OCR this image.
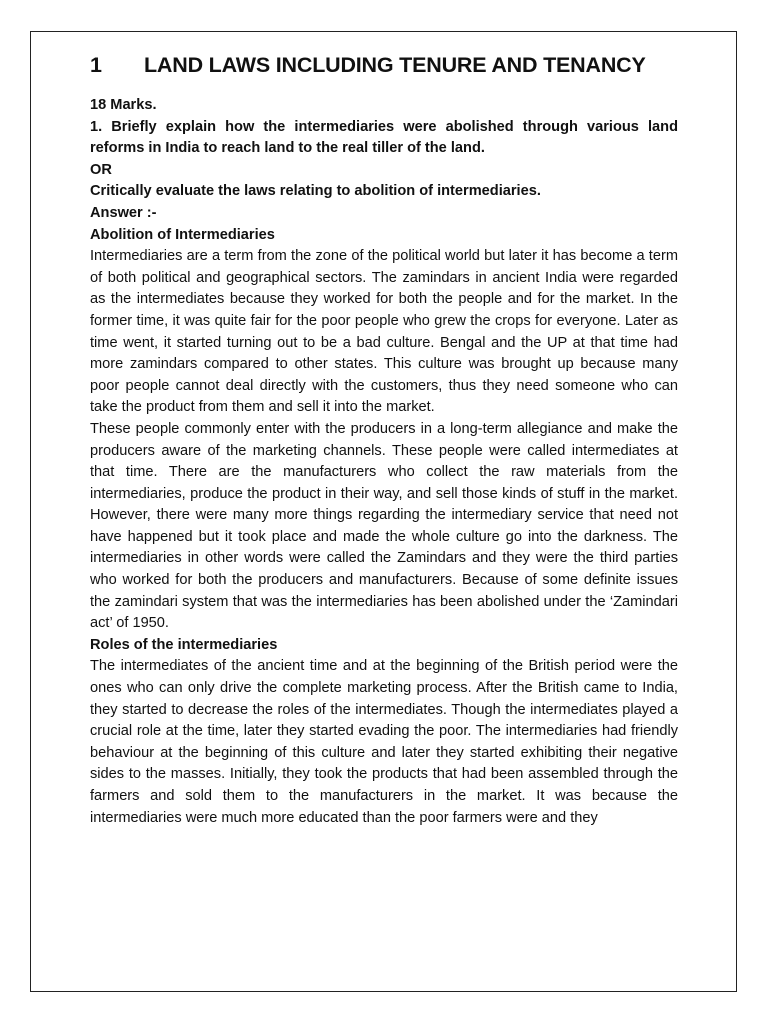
1	LAND LAWS INCLUDING TENURE AND TENANCY

18 Marks.

1. Briefly explain how the intermediaries were abolished through various land reforms in India to reach land to the real tiller of the land.

OR

Critically evaluate the laws relating to abolition of intermediaries.

Answer :-

Abolition of Intermediaries

Intermediaries are a term from the zone of the political world but later it has become a term of both political and geographical sectors. The zamindars in ancient India were regarded as the intermediates because they worked for both the people and for the market. In the former time, it was quite fair for the poor people who grew the crops for everyone. Later as time went, it started turning out to be a bad culture. Bengal and the UP at that time had more zamindars compared to other states. This culture was brought up because many poor people cannot deal directly with the customers, thus they need someone who can take the product from them and sell it into the market.

These people commonly enter with the producers in a long-term allegiance and make the producers aware of the marketing channels. These people were called intermediates at that time. There are the manufacturers who collect the raw materials from the intermediaries, produce the product in their way, and sell those kinds of stuff in the market. However, there were many more things regarding the intermediary service that need not have happened but it took place and made the whole culture go into the darkness. The intermediaries in other words were called the Zamindars and they were the third parties who worked for both the producers and manufacturers. Because of some definite issues the zamindari system that was the intermediaries has been abolished under the ‘Zamindari act’ of 1950.

Roles of the intermediaries

The intermediates of the ancient time and at the beginning of the British period were the ones who can only drive the complete marketing process. After the British came to India, they started to decrease the roles of the intermediates. Though the intermediates played a crucial role at the time, later they started evading the poor. The intermediaries had friendly behaviour at the beginning of this culture and later they started exhibiting their negative sides to the masses. Initially, they took the products that had been assembled through the farmers and sold them to the manufacturers in the market. It was because the intermediaries were much more educated than the poor farmers were and they
